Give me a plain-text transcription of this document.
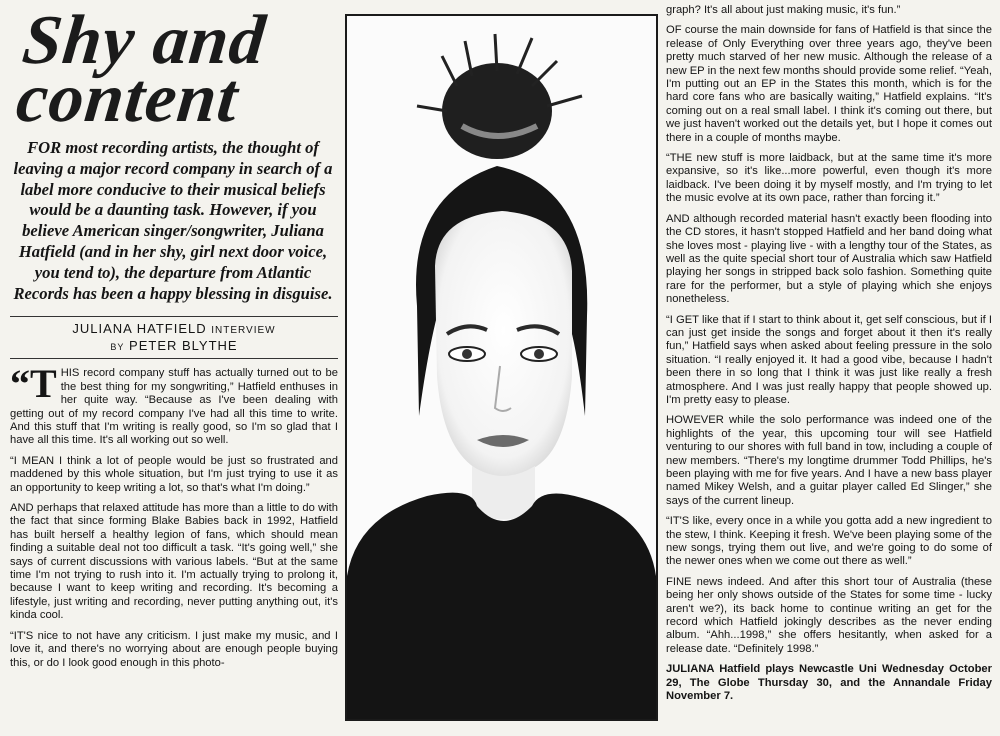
Shy and
content
FOR most recording artists, the thought of leaving a major record company in search of a label more conducive to their musical beliefs would be a daunting task. However, if you believe American singer/songwriter, Juliana Hatfield (and in her shy, girl next door voice, you tend to), the departure from Atlantic Records has been a happy blessing in disguise.
JULIANA HATFIELD INTERVIEW
BY PETER BLYTHE

“THIS record company stuff has actually turned out to be the best thing for my songwriting,” Hatfield enthuses in her quite way. “Because as I've been dealing with getting out of my record company I've had all this time to write. And this stuff that I'm writing is really good, so I'm so glad that I have all this time. It's all working out so well.

“I MEAN I think a lot of people would be just so frustrated and maddened by this whole situation, but I'm just trying to use it as an opportunity to keep writing a lot, so that's what I'm doing.”

AND perhaps that relaxed attitude has more than a little to do with the fact that since forming Blake Babies back in 1992, Hatfield has built herself a healthy legion of fans, which should mean finding a suitable deal not too difficult a task. “It's going well,” she says of current discussions with various labels. “But at the same time I'm not trying to rush into it. I'm actually trying to prolong it, because I want to keep writing and recording. It's becoming a lifestyle, just writing and recording, never putting anything out, it's kinda cool.

“IT'S nice to not have any criticism. I just make my music, and I love it, and there's no worrying about are enough people buying this, or do I look good enough in this photo-

graph? It's all about just making music, it's fun.”

OF course the main downside for fans of Hatfield is that since the release of Only Everything over three years ago, they've been pretty much starved of her new music. Although the release of a new EP in the next few months should provide some relief. “Yeah, I'm putting out an EP in the States this month, which is for the hard core fans who are basically waiting,” Hatfield explains. “It's coming out on a real small label. I think it's coming out there, but we just haven't worked out the details yet, but I hope it comes out there in a couple of months maybe.

“THE new stuff is more laidback, but at the same time it's more expansive, so it's like...more powerful, even though it's more laidback. I've been doing it by myself mostly, and I'm trying to let the music evolve at its own pace, rather than forcing it.”

AND although recorded material hasn't exactly been flooding into the CD stores, it hasn't stopped Hatfield and her band doing what she loves most - playing live - with a lengthy tour of the States, as well as the quite special short tour of Australia which saw Hatfield playing her songs in stripped back solo fashion. Something quite rare for the performer, but a style of playing which she enjoys nonetheless.

“I GET like that if I start to think about it, get self conscious, but if I can just get inside the songs and forget about it then it's really fun,” Hatfield says when asked about feeling pressure in the solo situation. “I really enjoyed it. It had a good vibe, because I hadn't been there in so long that I think it was just like really a fresh atmosphere. And I was just really happy that people showed up. I'm pretty easy to please.

HOWEVER while the solo performance was indeed one of the highlights of the year, this upcoming tour will see Hatfield venturing to our shores with full band in tow, including a couple of new members. “There's my longtime drummer Todd Phillips, he's been playing with me for five years. And I have a new bass player named Mikey Welsh, and a guitar player called Ed Slinger,” she says of the current lineup.

“IT'S like, every once in a while you gotta add a new ingredient to the stew, I think. Keeping it fresh. We've been playing some of the new songs, trying them out live, and we're going to do some of the newer ones when we come out there as well.”

FINE news indeed. And after this short tour of Australia (these being her only shows outside of the States for some time - lucky aren't we?), its back home to continue writing an get for the record which Hatfield jokingly describes as the never ending album. “Ahh...1998,” she offers hesitantly, when asked for a release date. “Definitely 1998.”

JULIANA Hatfield plays Newcastle Uni Wednesday October 29, The Globe Thursday 30, and the Annandale Friday November 7.
